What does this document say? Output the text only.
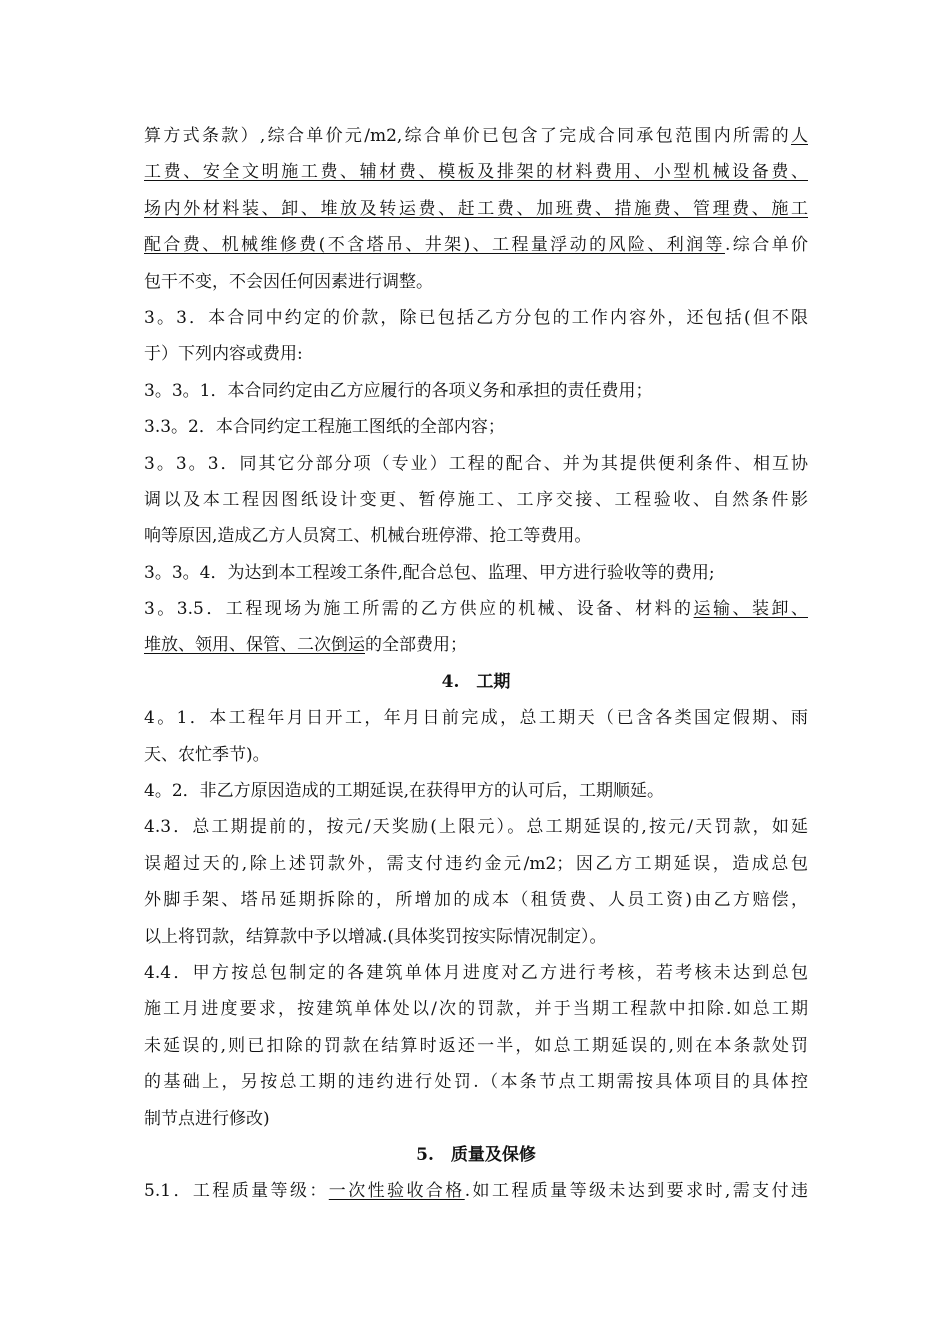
算方式条款）,综合单价元/m2,综合单价已包含了完成合同承包范围内所需的人
工费、安全文明施工费、辅材费、模板及排架的材料费用、小型机械设备费、
场内外材料装、卸、堆放及转运费、赶工费、加班费、措施费、管理费、施工
配合费、机械维修费(不含塔吊、井架)、工程量浮动的风险、利润等.综合单价
包干不变，不会因任何因素进行调整。
3。3．本合同中约定的价款，除已包括乙方分包的工作内容外，还包括(但不限
于）下列内容或费用:
3。3。1．本合同约定由乙方应履行的各项义务和承担的责任费用；
3.3。2．本合同约定工程施工图纸的全部内容；
3。3。3．同其它分部分项（专业）工程的配合、并为其提供便利条件、相互协
调以及本工程因图纸设计变更、暂停施工、工序交接、工程验收、自然条件影
响等原因,造成乙方人员窝工、机械台班停滞、抢工等费用。
3。3。4．为达到本工程竣工条件,配合总包、监理、甲方进行验收等的费用;
3。3.5．工程现场为施工所需的乙方供应的机械、设备、材料的运输、装卸、
堆放、领用、保管、二次倒运的全部费用；
4.　工期
4。1．本工程年月日开工，年月日前完成，总工期天（已含各类国定假期、雨
天、农忙季节)。
4。2．非乙方原因造成的工期延误,在获得甲方的认可后，工期顺延。
4.3．总工期提前的，按元/天奖励(上限元）。总工期延误的,按元/天罚款，如延
误超过天的,除上述罚款外，需支付违约金元/m2；因乙方工期延误，造成总包
外脚手架、塔吊延期拆除的，所增加的成本（租赁费、人员工资)由乙方赔偿，
以上将罚款，结算款中予以增减.(具体奖罚按实际情况制定）。
4.4．甲方按总包制定的各建筑单体月进度对乙方进行考核，若考核未达到总包
施工月进度要求，按建筑单体处以/次的罚款，并于当期工程款中扣除.如总工期
未延误的,则已扣除的罚款在结算时返还一半，如总工期延误的,则在本条款处罚
的基础上，另按总工期的违约进行处罚.（本条节点工期需按具体项目的具体控
制节点进行修改)
5.　质量及保修
5.1．工程质量等级：一次性验收合格.如工程质量等级未达到要求时,需支付违
